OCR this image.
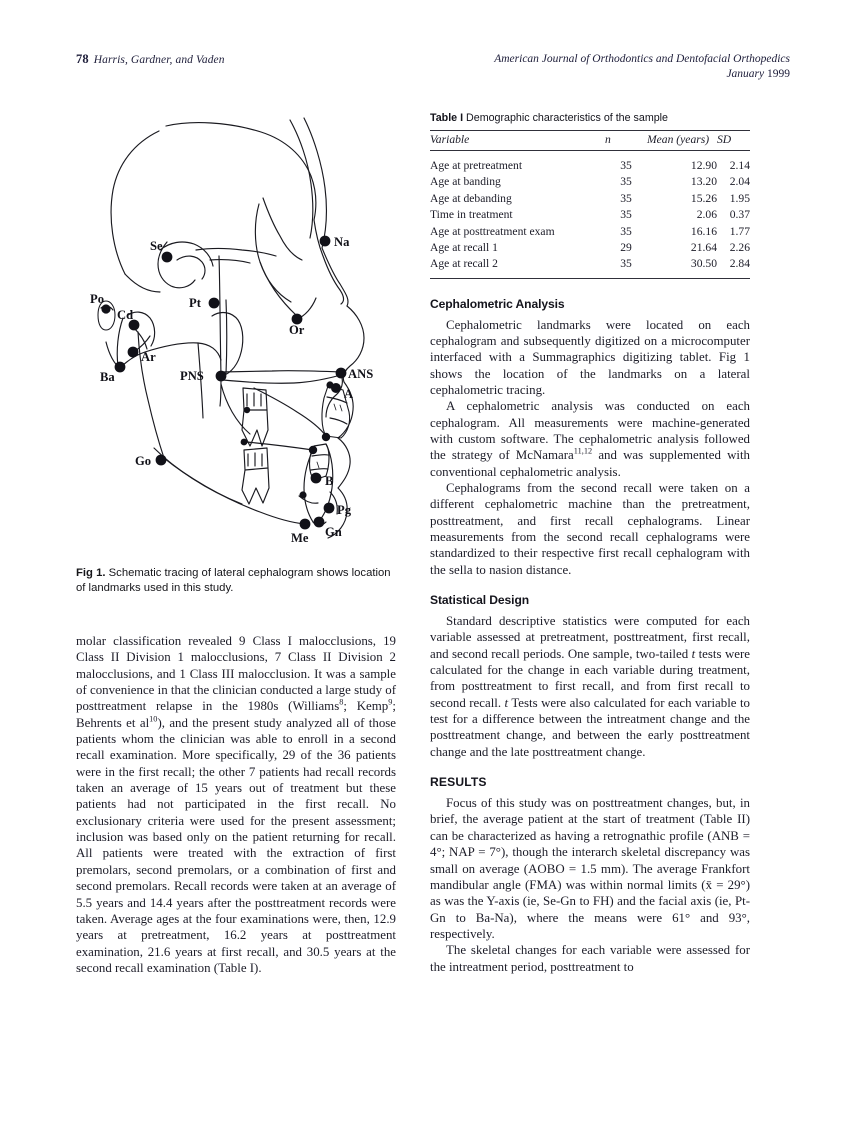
78 Harris, Gardner, and Vaden	American Journal of Orthodontics and Dentofacial Orthopedics
January 1999
Se	Na
Po
Cd
Pt
Or
Ar
Ba	PNS	ANS
A
Go
B
Pg
Gn
Me
Fig 1. Schematic tracing of lateral cephalogram shows location of landmarks used in this study.

molar classification revealed 9 Class I malocclusions, 19 Class II Division 1 malocclusions, 7 Class II Division 2 malocclusions, and 1 Class III malocclusion. It was a sample of convenience in that the clinician conducted a large study of posttreatment relapse in the 1980s (Williams$^8$; Kemp$^9$; Behrents et $al^{10}$), and the present study analyzed all of those patients whom the clinician was able to enroll in a second recall examination. More specifically, 29 of the 36 patients were in the first recall; the other 7 patients had recall records taken an average of 15 years out of treatment but these patients had not participated in the first recall. No exclusionary criteria were used for the present assessment; inclusion was based only on the patient returning for recall. All patients were treated with the extraction of first premolars, second premolars, or a combination of first and second premolars. Recall records were taken at an average of 5.5 years and 14.4 years after the posttreatment records were taken. Average ages at the four examinations were, then, 12.9 years at pretreatment, 16.2 years at posttreatment examination, 21.6 years at first recall, and 30.5 years at the second recall examination (Table I).

Table I Demographic characteristics of the sample
Variable	n	Mean (years)	SD
Age at pretreatment	35	12.90	2.14
Age at banding	35	13.20	2.04
Age at debanding	35	15.26	1.95
Time in treatment	35	2.06	0.37
Age at posttreatment exam	35	16.16	1.77
Age at recall 1	29	21.64	2.26
Age at recall 2	35	30.50	2.84
Cephalometric Analysis

Cephalometric landmarks were located on each cephalogram and subsequently digitized on a microcomputer interfaced with a Summagraphics digitizing tablet. Fig 1 shows the location of the landmarks on a lateral cephalometric tracing.

A cephalometric analysis was conducted on each cephalogram. All measurements were machine-generated with custom software. The cephalometric analysis followed the strategy of McNamara$^{11,12}$ and was supplemented with conventional cephalometric analysis.

Cephalograms from the second recall were taken on a different cephalometric machine than the pretreatment, posttreatment, and first recall cephalograms. Linear measurements from the second recall cephalograms were standardized to their respective first recall cephalogram with the sella to nasion distance.

Statistical Design

Standard descriptive statistics were computed for each variable assessed at pretreatment, posttreatment, first recall, and second recall periods. One sample, two-tailed t tests were calculated for the change in each variable during treatment, from posttreatment to first recall, and from first recall to second recall. t Tests were also calculated for each variable to test for a difference between the intreatment change and the posttreatment change, and between the early posttreatment change and the late posttreatment change.

RESULTS

Focus of this study was on posttreatment changes, but, in brief, the average patient at the start of treatment (Table II) can be characterized as having a retrognathic profile (ANB = 4°; NAP = 7°), though the interarch skeletal discrepancy was small on average (AOBO = 1.5 mm). The average Frankfort mandibular angle (FMA) was within normal limits (x̄ = 29°) as was the Y-axis (ie, Se-Gn to FH) and the facial axis (ie, Pt-Gn to Ba-Na), where the means were 61° and 93°, respectively.

The skeletal changes for each variable were assessed for the intreatment period, posttreatment to
